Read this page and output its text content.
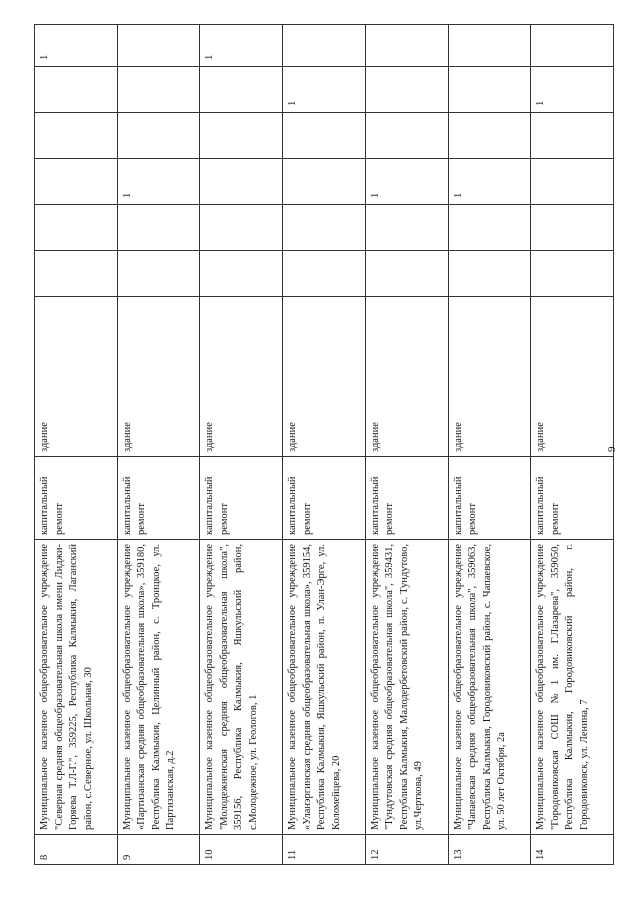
8	Муниципальное казенное общеобразовательное учреждение "Северная средняя общеобразовательная школа имени Лиджи-Горяева Т.Л-Г.", 359225, Республика Калмыкия, Лаганский район, с.Северное, ул. Школьная, 30	капитальный ремонт	здание						1
9	Муниципальное казенное общеобразовательное учреждение «Партизанская средняя общеобразовательная школа», 359180, Республика Калмыкия, Целинный район, с. Троицкое, ул. Партизанская, д.2	капитальный ремонт	здание			1			
10	Муниципальное казенное общеобразовательное учреждение "Молодежненская средняя общеобразовательная школа", 359156, Республика Калмыкия, Яшкульский район, с.Молодежное, ул. Геологов, 1	капитальный ремонт	здание						1
11	Муниципальное казенное общеобразовательное учреждение «Уланэргинская средняя общеобразовательная школа», 359154, Республика Калмыкия, Яшкульский район, п. Улан-Эрге, ул. Коломейцева, 20	капитальный ремонт	здание					1	
12	Муниципальное казенное общеобразовательное учреждение "Тундутовская средняя общеобразовательная школа", 359431, Республика Калмыкия, Малодербетовский район, с. Тундутово, ул.Черткова, 49	капитальный ремонт	здание			1			
13	Муниципальное казенное общеобразовательное учреждение "Чапаевская средняя общеобразовательная школа", 359063, Республика Калмыкия, Городовиковский район, с. Чапаевское, ул. 50 лет Октября, 2а	капитальный ремонт	здание			1			
14	Муниципальное казенное общеобразовательное учреждение "Городовиковская СОШ №1 им. Г.Лазарева", 359050, Республика Калмыкия, Городовиковский район, г. Городовиковск, ул. Ленина, 7	капитальный ремонт	здание					1	
9
